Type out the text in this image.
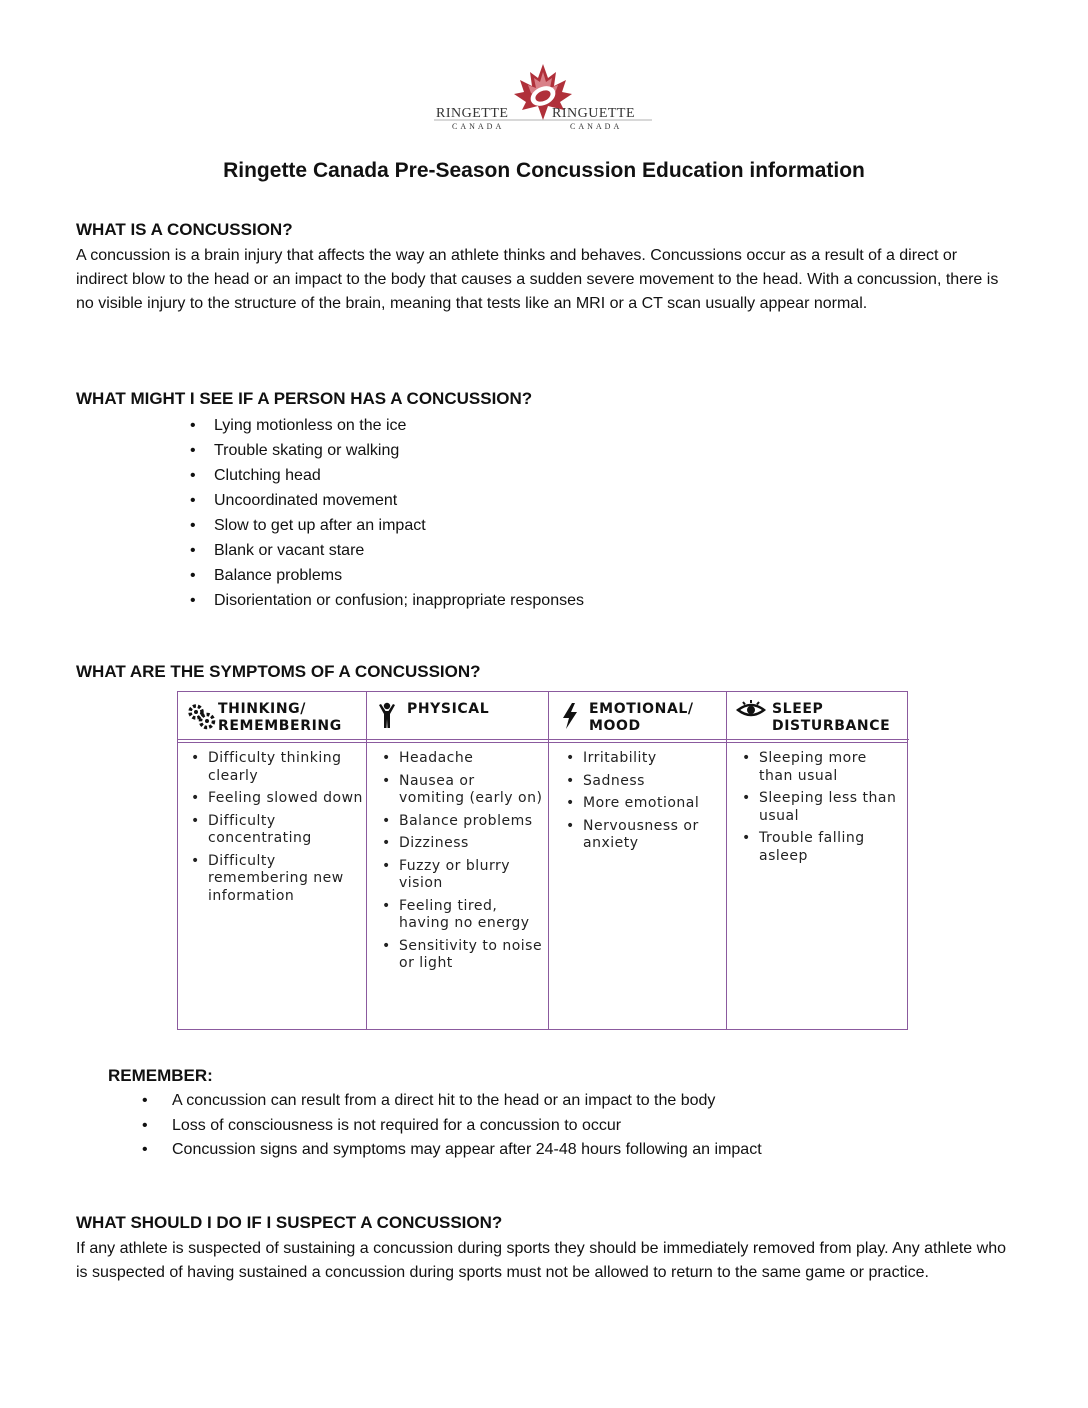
RINGETTE	RINGUETTE
CANADA	CANADA
Ringette Canada Pre-Season Concussion Education information
WHAT IS A CONCUSSION?

A concussion is a brain injury that affects the way an athlete thinks and behaves. Concussions occur as a result of a direct or indirect blow to the head or an impact to the body that causes a sudden severe movement to the head. With a concussion, there is no visible injury to the structure of the brain, meaning that tests like an MRI or a CT scan usually appear normal.

WHAT MIGHT I SEE IF A PERSON HAS A CONCUSSION?
• Lying motionless on the ice
• Trouble skating or walking
• Clutching head
• Uncoordinated movement
• Slow to get up after an impact
• Blank or vacant stare
• Balance problems
• Disorientation or confusion; inappropriate responses
WHAT ARE THE SYMPTOMS OF A CONCUSSION?
THINKING/
REMEMBERING
• Difficulty thinking clearly
• Feeling slowed down
• Difficulty concentrating
• Difficulty remembering new information
PHYSICAL
• Headache
• Nausea or vomiting (early on)
• Balance problems
• Dizziness
• Fuzzy or blurry vision
• Feeling tired, having no energy
• Sensitivity to noise or light
EMOTIONAL/
MOOD
• Irritability
• Sadness
• More emotional
• Nervousness or anxiety
SLEEP
DISTURBANCE
• Sleeping more than usual
• Sleeping less than usual
• Trouble falling asleep
REMEMBER:
• A concussion can result from a direct hit to the head or an impact to the body
• Loss of consciousness is not required for a concussion to occur
• Concussion signs and symptoms may appear after 24-48 hours following an impact
WHAT SHOULD I DO IF I SUSPECT A CONCUSSION?

If any athlete is suspected of sustaining a concussion during sports they should be immediately removed from play. Any athlete who is suspected of having sustained a concussion during sports must not be allowed to return to the same game or practice.
